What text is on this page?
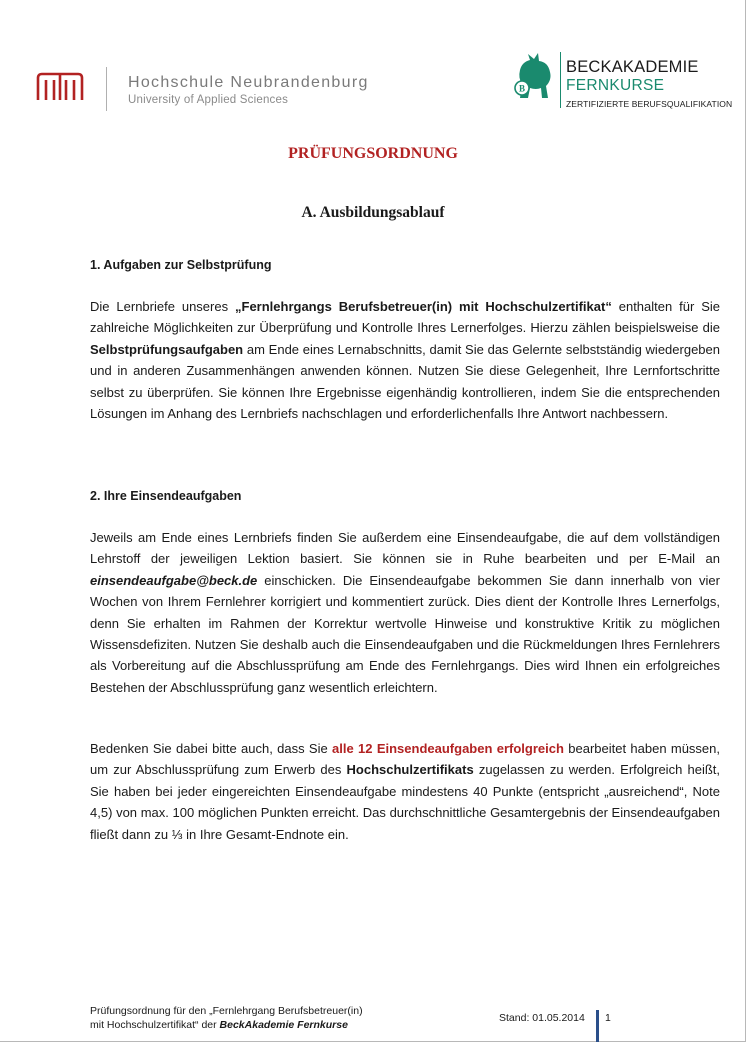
Hochschule Neubrandenburg
University of Applied Sciences
B
BECKAKADEMIE
FERNKURSE
ZERTIFIZIERTE BERUFSQUALIFIKATION
PRÜFUNGSORDNUNG
A. Ausbildungsablauf
1. Aufgaben zur Selbstprüfung

Die Lernbriefe unseres „Fernlehrgangs Berufsbetreuer(in) mit Hochschulzertifikat“ enthalten für Sie zahlreiche Möglichkeiten zur Überprüfung und Kontrolle Ihres Lernerfolges. Hierzu zählen beispielsweise die Selbstprüfungsaufgaben am Ende eines Lernabschnitts, damit Sie das Gelernte selbstständig wiedergeben und in anderen Zusammenhängen anwenden können. Nutzen Sie diese Gelegenheit, Ihre Lernfortschritte selbst zu überprüfen. Sie können Ihre Ergebnisse eigenhändig kontrollieren, indem Sie die entsprechenden Lösungen im Anhang des Lernbriefs nachschlagen und erforderlichenfalls Ihre Antwort nachbessern.

2. Ihre Einsendeaufgaben

Jeweils am Ende eines Lernbriefs finden Sie außerdem eine Einsendeaufgabe, die auf dem vollständigen Lehrstoff der jeweiligen Lektion basiert. Sie können sie in Ruhe bearbeiten und per E-Mail an einsendeaufgabe@beck.de einschicken. Die Einsendeaufgabe bekommen Sie dann innerhalb von vier Wochen von Ihrem Fernlehrer korrigiert und kommentiert zurück. Dies dient der Kontrolle Ihres Lernerfolgs, denn Sie erhalten im Rahmen der Korrektur wertvolle Hinweise und konstruktive Kritik zu möglichen Wissensdefiziten. Nutzen Sie deshalb auch die Einsendeaufgaben und die Rückmeldungen Ihres Fernlehrers als Vorbereitung auf die Abschlussprüfung am Ende des Fernlehrgangs. Dies wird Ihnen ein erfolgreiches Bestehen der Abschlussprüfung ganz wesentlich erleichtern.

Bedenken Sie dabei bitte auch, dass Sie alle 12 Einsendeaufgaben erfolgreich bearbeitet haben müssen, um zur Abschlussprüfung zum Erwerb des Hochschulzertifikats zugelassen zu werden. Erfolgreich heißt, Sie haben bei jeder eingereichten Einsendeaufgabe mindestens 40 Punkte (entspricht „ausreichend“, Note 4,5) von max. 100 möglichen Punkten erreicht. Das durchschnittliche Gesamtergebnis der Einsendeaufgaben fließt dann zu ⅓ in Ihre Gesamt-Endnote ein.

Prüfungsordnung für den „Fernlehrgang Berufsbetreuer(in)
mit Hochschulzertifikat“ der BeckAkademie Fernkurse
Stand: 01.05.2014 1
